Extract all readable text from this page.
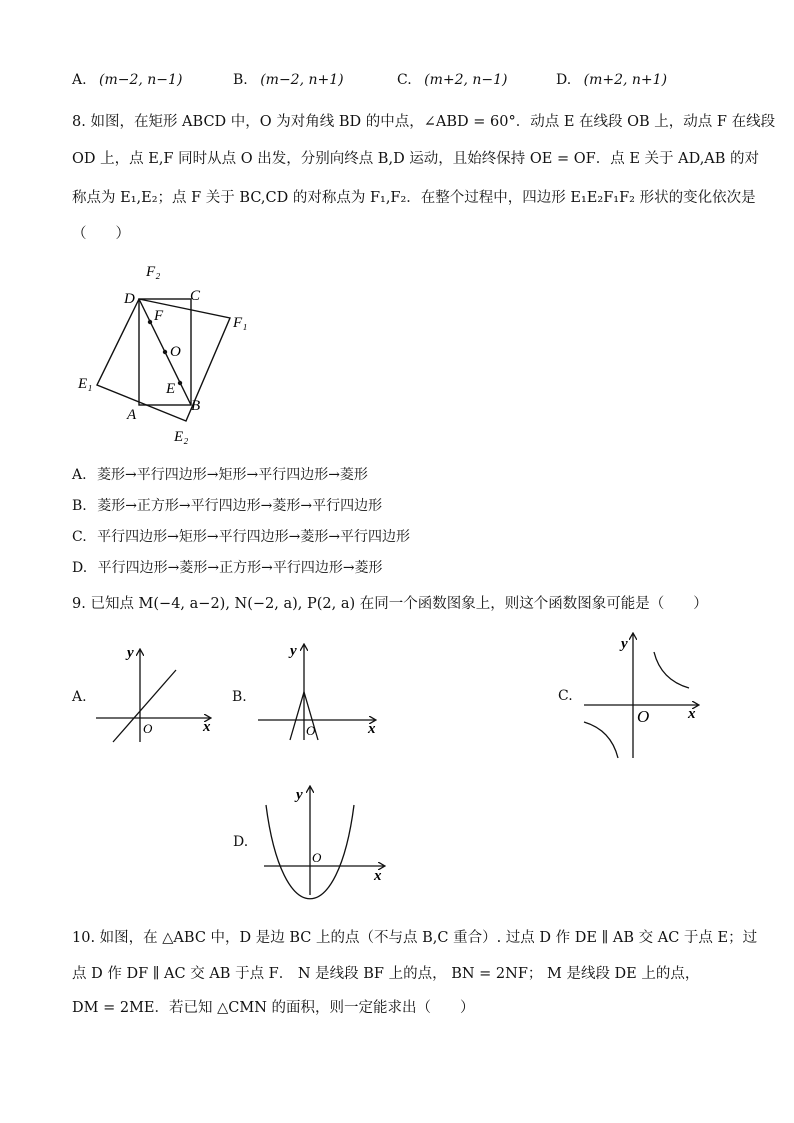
A. (m−2, n−1)	B. (m−2, n+1)	C. (m+2, n−1)	D. (m+2, n+1)
8. 如图，在矩形 ABCD 中，O 为对角线 BD 的中点，∠ABD = 60°．动点 E 在线段 OB 上，动点 F 在线段
OD 上，点 E,F 同时从点 O 出发，分别向终点 B,D 运动，且始终保持 OE = OF．点 E 关于 AD,AB 的对
称点为 E₁,E₂；点 F 关于 BC,CD 的对称点为 F₁,F₂．在整个过程中，四边形 E₁E₂F₁F₂ 形状的变化依次是
（　　）
F₂
D	C
F₁
F
O
E₁	E
A
B
E₂
A. 菱形→平行四边形→矩形→平行四边形→菱形
B. 菱形→正方形→平行四边形→菱形→平行四边形
C. 平行四边形→矩形→平行四边形→菱形→平行四边形
D. 平行四边形→菱形→正方形→平行四边形→菱形
9. 已知点 M(−4, a−2), N(−2, a), P(2, a) 在同一个函数图象上，则这个函数图象可能是（　　）
A.
y
x
O
B.
y
x
O
C.
y
x
O
D.
y
x
O
10. 如图，在 △ABC 中，D 是边 BC 上的点（不与点 B,C 重合）. 过点 D 作 DE ∥ AB 交 AC 于点 E；过
点 D 作 DF ∥ AC 交 AB 于点 F． N 是线段 BF 上的点， BN = 2NF； M 是线段 DE 上的点，
DM = 2ME．若已知 △CMN 的面积，则一定能求出（　　）
